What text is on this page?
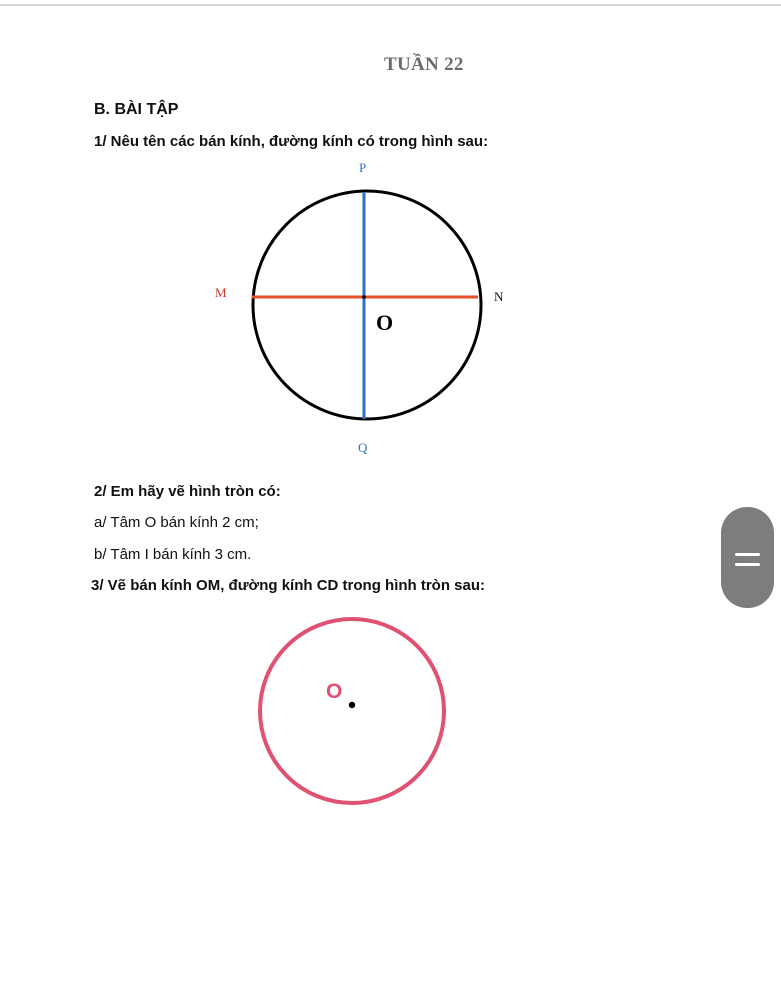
TUẦN 22
B. BÀI TẬP
1/ Nêu tên các bán kính, đường kính có trong hình sau:
P
Q
M	N
O
O
2/ Em hãy vẽ hình tròn có:
a/ Tâm O bán kính 2 cm;
b/ Tâm I bán kính 3 cm.
3/ Vẽ bán kính OM, đường kính CD trong hình tròn sau:
